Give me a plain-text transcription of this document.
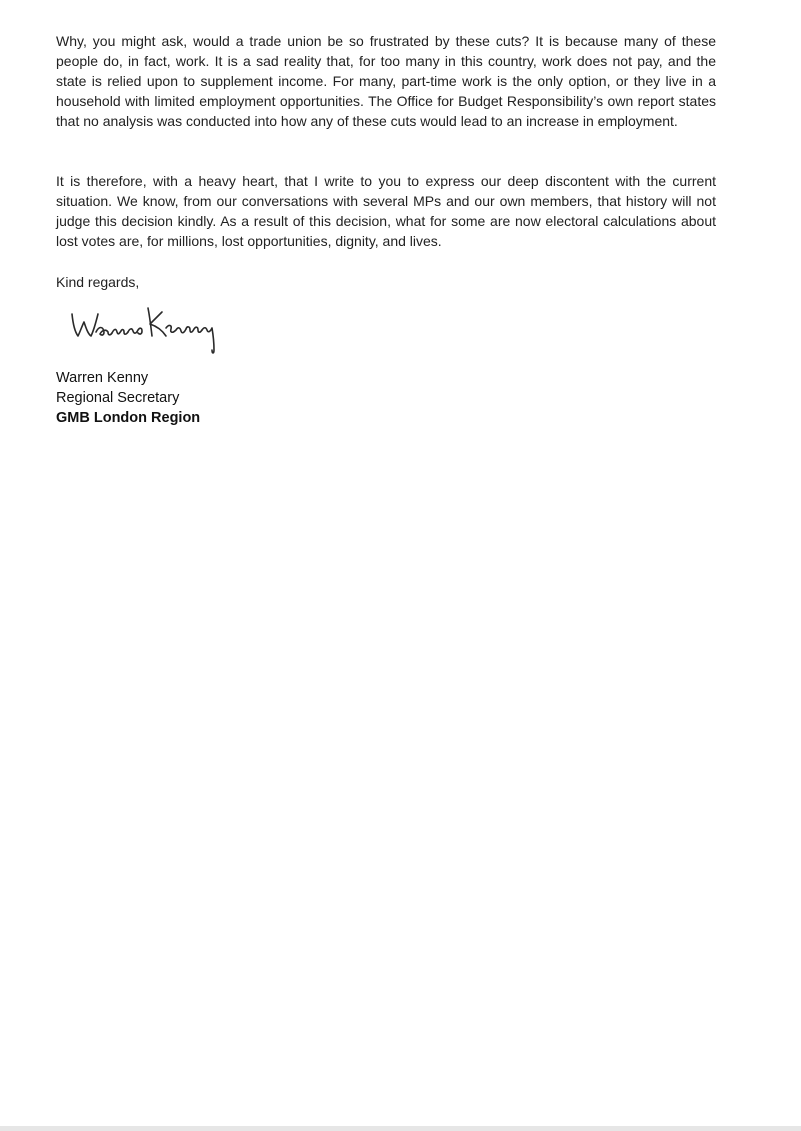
Why, you might ask, would a trade union be so frustrated by these cuts? It is because many of these people do, in fact, work. It is a sad reality that, for too many in this country, work does not pay, and the state is relied upon to supplement income. For many, part-time work is the only option, or they live in a household with limited employment opportunities. The Office for Budget Responsibility’s own report states that no analysis was conducted into how any of these cuts would lead to an increase in employment.

It is therefore, with a heavy heart, that I write to you to express our deep discontent with the current situation. We know, from our conversations with several MPs and our own members, that history will not judge this decision kindly. As a result of this decision, what for some are now electoral calculations about lost votes are, for millions, lost opportunities, dignity, and lives.

Kind regards,

Warren Kenny
Regional Secretary
GMB London Region
